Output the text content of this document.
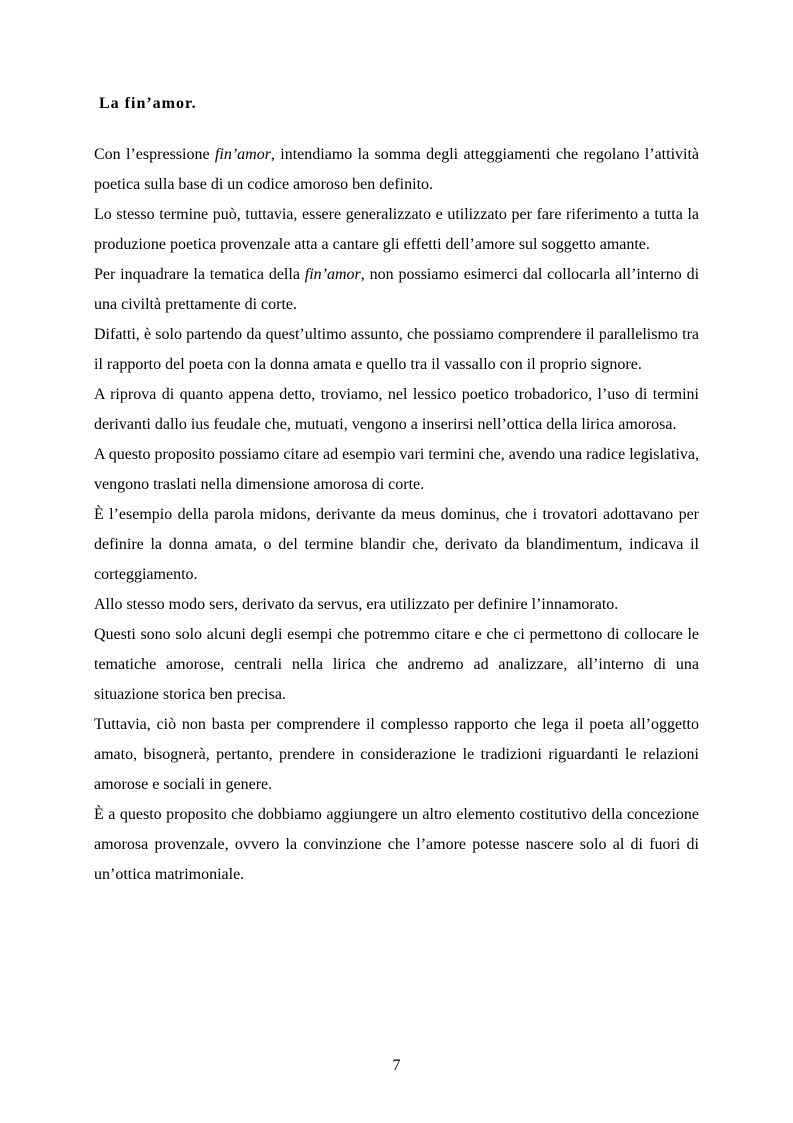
La fin’amor.

Con l’espressione fin’amor, intendiamo la somma degli atteggiamenti che regolano l’attività poetica sulla base di un codice amoroso ben definito.

Lo stesso termine può, tuttavia, essere generalizzato e utilizzato per fare riferimento a tutta la produzione poetica provenzale atta a cantare gli effetti dell’amore sul soggetto amante.

Per inquadrare la tematica della fin’amor, non possiamo esimerci dal collocarla all’interno di una civiltà prettamente di corte.

Difatti, è solo partendo da quest’ultimo assunto, che possiamo comprendere il parallelismo tra il rapporto del poeta con la donna amata e quello tra il vassallo con il proprio signore.

A riprova di quanto appena detto, troviamo, nel lessico poetico trobadorico, l’uso di termini derivanti dallo ius feudale che, mutuati, vengono a inserirsi nell’ottica della lirica amorosa.

A questo proposito possiamo citare ad esempio vari termini che, avendo una radice legislativa, vengono traslati nella dimensione amorosa di corte.

È l’esempio della parola midons, derivante da meus dominus, che i trovatori adottavano per definire la donna amata, o del termine blandir che, derivato da blandimentum, indicava il corteggiamento.

Allo stesso modo sers, derivato da servus, era utilizzato per definire l’innamorato.

Questi sono solo alcuni degli esempi che potremmo citare e che ci permettono di collocare le tematiche amorose, centrali nella lirica che andremo ad analizzare, all’interno di una situazione storica ben precisa.

Tuttavia, ciò non basta per comprendere il complesso rapporto che lega il poeta all’oggetto amato, bisognerà, pertanto, prendere in considerazione le tradizioni riguardanti le relazioni amorose e sociali in genere.

È a questo proposito che dobbiamo aggiungere un altro elemento costitutivo della concezione amorosa provenzale, ovvero la convinzione che l’amore potesse nascere solo al di fuori di un’ottica matrimoniale.

7
